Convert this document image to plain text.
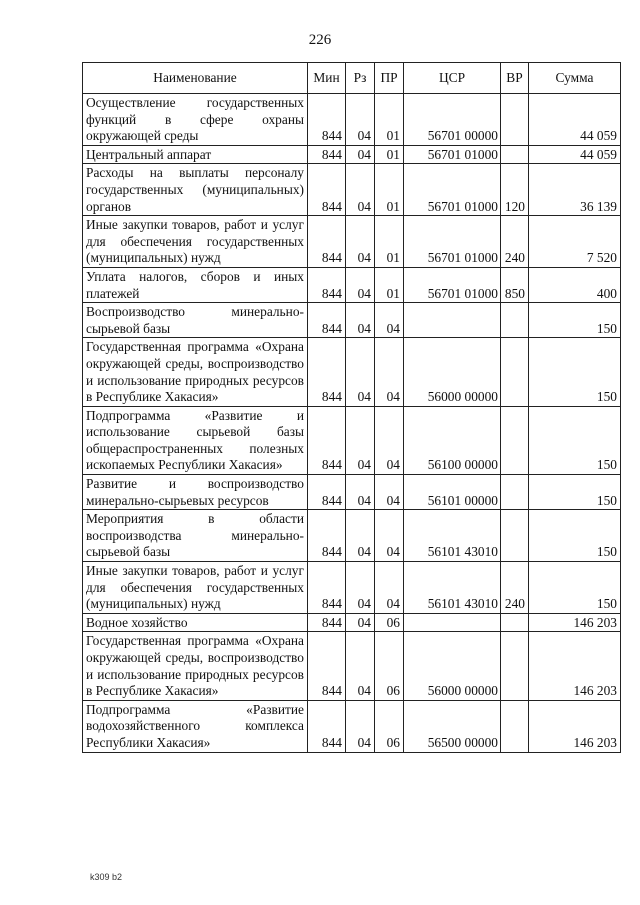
226
Наименование	Мин	Рз	ПР	ЦСР	ВР	Сумма
Осуществление государственных функций в сфере охраны окружающей среды	844	04	01	56701 00000		44 059
Центральный аппарат	844	04	01	56701 01000		44 059
Расходы на выплаты персоналу государственных (муниципальных) органов	844	04	01	56701 01000	120	36 139
Иные закупки товаров, работ и услуг для обеспечения государственных (муниципальных) нужд	844	04	01	56701 01000	240	7 520
Уплата налогов, сборов и иных платежей	844	04	01	56701 01000	850	400
Воспроизводство минерально-сырьевой базы	844	04	04			150
Государственная программа «Охрана окружающей среды, воспроизводство и использование природных ресурсов в Республике Хакасия»	844	04	04	56000 00000		150
Подпрограмма «Развитие и использование сырьевой базы общераспространенных полезных ископаемых Республики Хакасия»	844	04	04	56100 00000		150
Развитие и воспроизводство минерально-сырьевых ресурсов	844	04	04	56101 00000		150
Мероприятия в области воспроизводства минерально-сырьевой базы	844	04	04	56101 43010		150
Иные закупки товаров, работ и услуг для обеспечения государственных (муниципальных) нужд	844	04	04	56101 43010	240	150
Водное хозяйство	844	04	06			146 203
Государственная программа «Охрана окружающей среды, воспроизводство и использование природных ресурсов в Республике Хакасия»	844	04	06	56000 00000		146 203
Подпрограмма «Развитие водохозяйственного комплекса Республики Хакасия»	844	04	06	56500 00000		146 203
k309 b2
